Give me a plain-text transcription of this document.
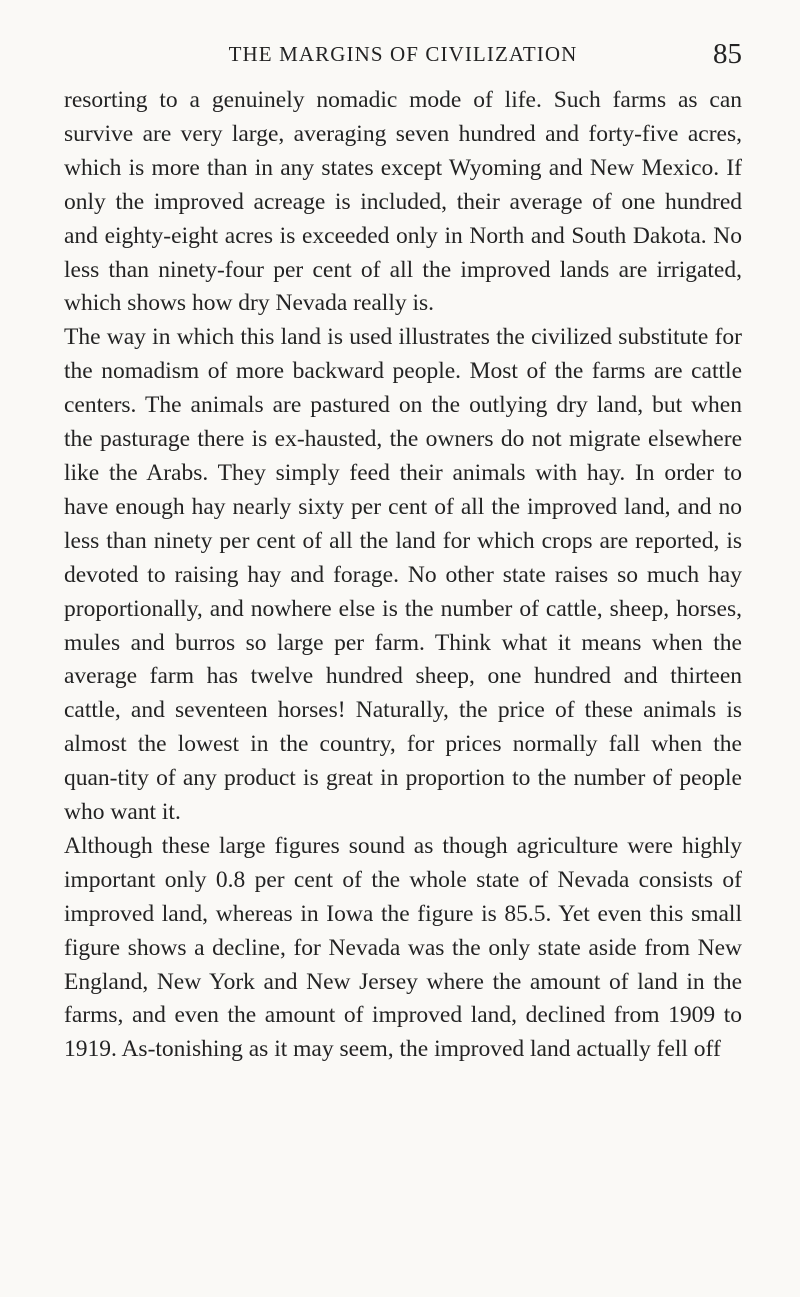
THE MARGINS OF CIVILIZATION	85

resorting to a genuinely nomadic mode of life. Such farms as can survive are very large, averaging seven hundred and forty-five acres, which is more than in any states except Wyoming and New Mexico. If only the improved acreage is included, their average of one hundred and eighty-eight acres is exceeded only in North and South Dakota. No less than ninety-four per cent of all the improved lands are irrigated, which shows how dry Nevada really is.

The way in which this land is used illustrates the civilized substitute for the nomadism of more backward people. Most of the farms are cattle centers. The animals are pastured on the outlying dry land, but when the pasturage there is ex-hausted, the owners do not migrate elsewhere like the Arabs. They simply feed their animals with hay. In order to have enough hay nearly sixty per cent of all the improved land, and no less than ninety per cent of all the land for which crops are reported, is devoted to raising hay and forage. No other state raises so much hay proportionally, and nowhere else is the number of cattle, sheep, horses, mules and burros so large per farm. Think what it means when the average farm has twelve hundred sheep, one hundred and thirteen cattle, and seventeen horses! Naturally, the price of these animals is almost the lowest in the country, for prices normally fall when the quan-tity of any product is great in proportion to the number of people who want it.

Although these large figures sound as though agriculture were highly important only 0.8 per cent of the whole state of Nevada consists of improved land, whereas in Iowa the figure is 85.5. Yet even this small figure shows a decline, for Nevada was the only state aside from New England, New York and New Jersey where the amount of land in the farms, and even the amount of improved land, declined from 1909 to 1919. As-tonishing as it may seem, the improved land actually fell off
